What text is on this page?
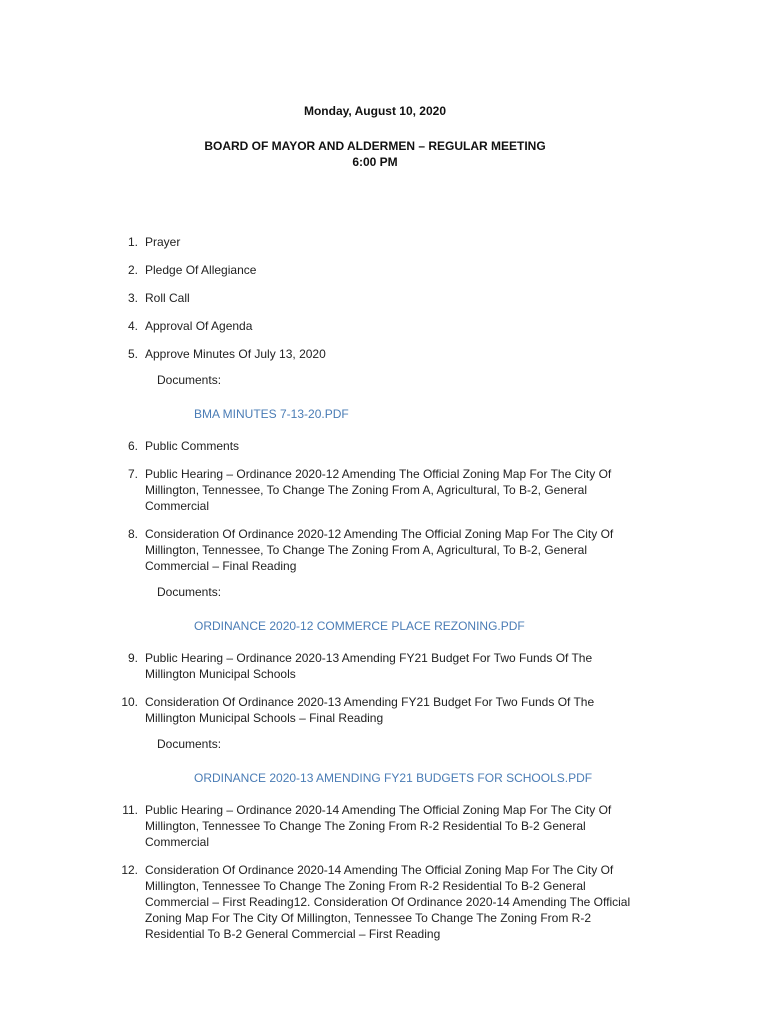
Monday, August 10, 2020
BOARD OF MAYOR AND ALDERMEN – REGULAR MEETING
6:00 PM
1. Prayer
2. Pledge Of Allegiance
3. Roll Call
4. Approval Of Agenda
5. Approve Minutes Of July 13, 2020
Documents:
BMA MINUTES 7-13-20.PDF
6. Public Comments
7. Public Hearing – Ordinance 2020-12 Amending The Official Zoning Map For The City Of Millington, Tennessee, To Change The Zoning From A, Agricultural, To B-2, General Commercial
8. Consideration Of Ordinance 2020-12 Amending The Official Zoning Map For The City Of Millington, Tennessee, To Change The Zoning From A, Agricultural, To B-2, General Commercial – Final Reading
Documents:
ORDINANCE 2020-12 COMMERCE PLACE REZONING.PDF
9. Public Hearing – Ordinance 2020-13 Amending FY21 Budget For Two Funds Of The Millington Municipal Schools
10. Consideration Of Ordinance 2020-13 Amending FY21 Budget For Two Funds Of The Millington Municipal Schools – Final Reading
Documents:
ORDINANCE 2020-13 AMENDING FY21 BUDGETS FOR SCHOOLS.PDF
11. Public Hearing – Ordinance 2020-14 Amending The Official Zoning Map For The City Of Millington, Tennessee To Change The Zoning From R-2 Residential To B-2 General Commercial
12. Consideration Of Ordinance 2020-14 Amending The Official Zoning Map For The City Of Millington, Tennessee To Change The Zoning From R-2 Residential To B-2 General Commercial – First Reading12. Consideration Of Ordinance 2020-14 Amending The Official Zoning Map For The City Of Millington, Tennessee To Change The Zoning From R-2 Residential To B-2 General Commercial – First Reading
